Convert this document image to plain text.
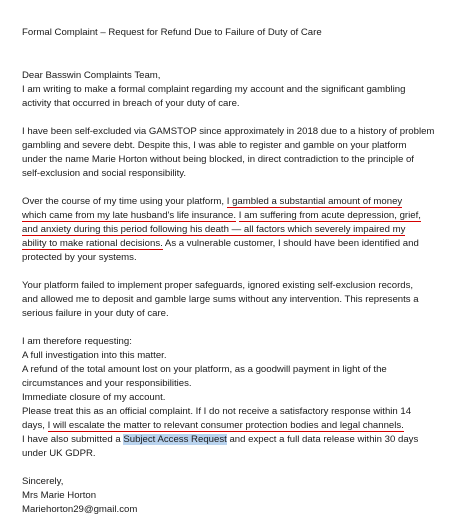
Formal Complaint – Request for Refund Due to Failure of Duty of Care
Dear Basswin Complaints Team,
I am writing to make a formal complaint regarding my account and the significant gambling
activity that occurred in breach of your duty of care.
I have been self-excluded via GAMSTOP since approximately in 2018 due to a history of problem
gambling and severe debt. Despite this, I was able to register and gamble on your platform
under the name Marie Horton without being blocked, in direct contradiction to the principle of
self-exclusion and social responsibility.
Over the course of my time using your platform, I gambled a substantial amount of money
which came from my late husband's life insurance. I am suffering from acute depression, grief,
and anxiety during this period following his death — all factors which severely impaired my
ability to make rational decisions. As a vulnerable customer, I should have been identified and
protected by your systems.
Your platform failed to implement proper safeguards, ignored existing self-exclusion records,
and allowed me to deposit and gamble large sums without any intervention. This represents a
serious failure in your duty of care.
I am therefore requesting:
A full investigation into this matter.
A refund of the total amount lost on your platform, as a goodwill payment in light of the
circumstances and your responsibilities.
Immediate closure of my account.
Please treat this as an official complaint. If I do not receive a satisfactory response within 14
days, I will escalate the matter to relevant consumer protection bodies and legal channels.
I have also submitted a Subject Access Request and expect a full data release within 30 days
under UK GDPR.
Sincerely,
Mrs Marie Horton
Mariehorton29@gmail.com
